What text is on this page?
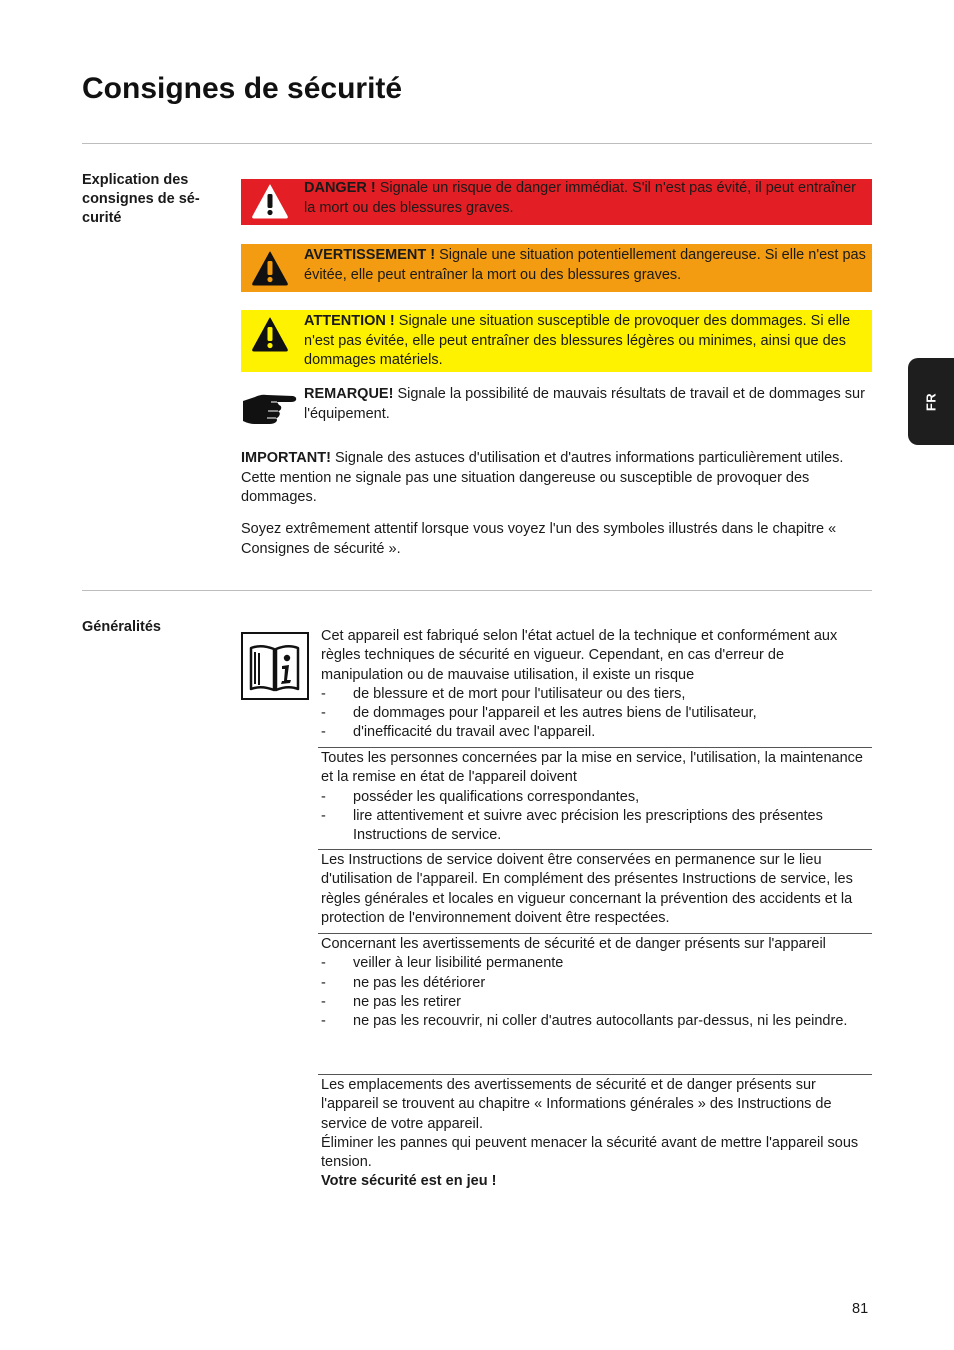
Consignes de sécurité
Explication des
consignes de sé-
curité
DANGER ! Signale un risque de danger immédiat. S'il n'est pas évité, il peut entraîner la mort ou des blessures graves.
AVERTISSEMENT ! Signale une situation potentiellement dangereuse. Si elle n'est pas évitée, elle peut entraîner la mort ou des blessures graves.
ATTENTION ! Signale une situation susceptible de provoquer des dommages. Si elle n'est pas évitée, elle peut entraîner des blessures légères ou minimes, ainsi que des dommages matériels.
REMARQUE! Signale la possibilité de mauvais résultats de travail et de dommages sur l'équipement.

IMPORTANT! Signale des astuces d'utilisation et d'autres informations particulièrement utiles. Cette mention ne signale pas une situation dangereuse ou susceptible de provoquer des dommages.

Soyez extrêmement attentif lorsque vous voyez l'un des symboles illustrés dans le chapitre « Consignes de sécurité ».

Généralités
Cet appareil est fabriqué selon l'état actuel de la technique et conformément aux règles techniques de sécurité en vigueur. Cependant, en cas d'erreur de manipulation ou de mauvaise utilisation, il existe un risque
- de blessure et de mort pour l'utilisateur ou des tiers,
- de dommages pour l'appareil et les autres biens de l'utilisateur,
- d'inefficacité du travail avec l'appareil.
Toutes les personnes concernées par la mise en service, l'utilisation, la maintenance et la remise en état de l'appareil doivent
- posséder les qualifications correspondantes,
- lire attentivement et suivre avec précision les prescriptions des présentes Instructions de service.
Les Instructions de service doivent être conservées en permanence sur le lieu d'utilisation de l'appareil. En complément des présentes Instructions de service, les règles générales et locales en vigueur concernant la prévention des accidents et la protection de l'environnement doivent être respectées.
Concernant les avertissements de sécurité et de danger présents sur l'appareil
- veiller à leur lisibilité permanente
- ne pas les détériorer
- ne pas les retirer
- ne pas les recouvrir, ni coller d'autres autocollants par-dessus, ni les peindre.
Les emplacements des avertissements de sécurité et de danger présents sur l'appareil se trouvent au chapitre « Informations générales » des Instructions de service de votre appareil.
Éliminer les pannes qui peuvent menacer la sécurité avant de mettre l'appareil sous tension.
Votre sécurité est en jeu !
FR
81
